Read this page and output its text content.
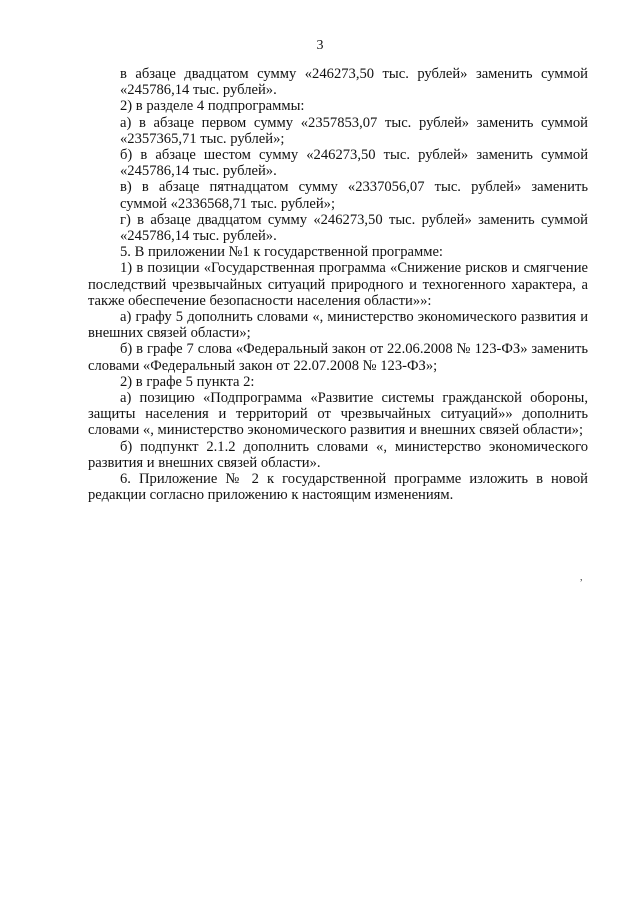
3

в абзаце двадцатом сумму «246273,50 тыс. рублей» заменить суммой
«245786,14 тыс. рублей».

2) в разделе 4 подпрограммы:

а) в абзаце первом сумму «2357853,07 тыс. рублей» заменить суммой
«2357365,71 тыс. рублей»;

б) в абзаце шестом сумму «246273,50 тыс. рублей» заменить суммой
«245786,14 тыс. рублей».

в) в абзаце пятнадцатом сумму «2337056,07 тыс. рублей» заменить
суммой «2336568,71 тыс. рублей»;

г) в абзаце двадцатом сумму «246273,50 тыс. рублей» заменить суммой
«245786,14 тыс. рублей».

5. В приложении №1 к государственной программе:

1) в позиции «Государственная программа «Снижение рисков и смягчение последствий чрезвычайных ситуаций природного и техногенного характера, а также обеспечение безопасности населения области»»:

а) графу 5 дополнить словами «, министерство экономического развития и внешних связей области»;

б) в графе 7 слова «Федеральный закон от 22.06.2008 № 123-ФЗ» заменить словами «Федеральный закон от 22.07.2008 № 123-ФЗ»;

2) в графе 5 пункта 2:

а) позицию «Подпрограмма «Развитие системы гражданской обороны, защиты населения и территорий от чрезвычайных ситуаций»» дополнить словами «, министерство экономического развития и внешних связей области»;

б) подпункт 2.1.2 дополнить словами «, министерство экономического развития и внешних связей области».

6. Приложение № 2 к государственной программе изложить в новой редакции согласно приложению к настоящим изменениям.

,
